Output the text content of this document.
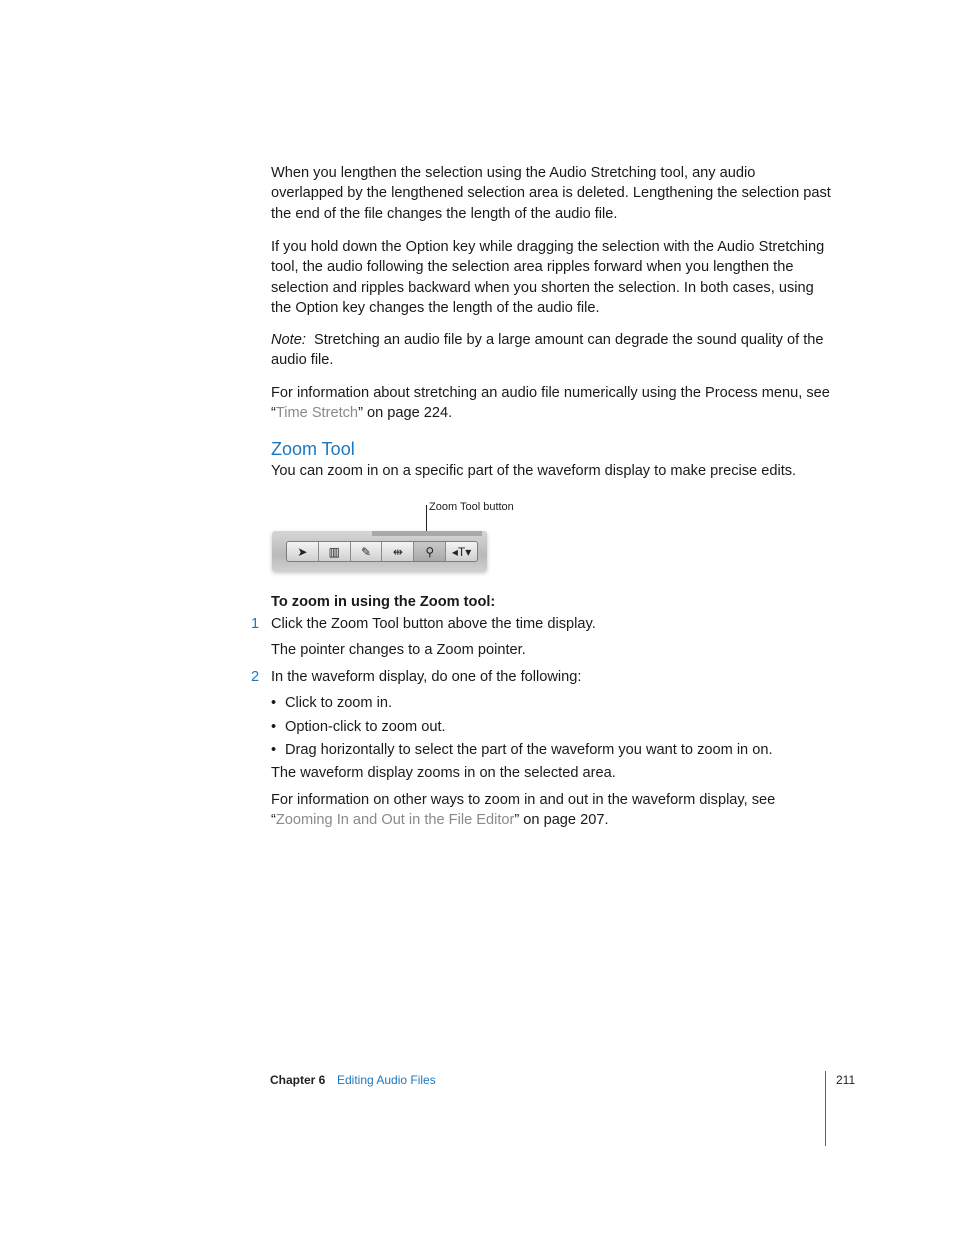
When you lengthen the selection using the Audio Stretching tool, any audio overlapped by the lengthened selection area is deleted. Lengthening the selection past the end of the file changes the length of the audio file.

If you hold down the Option key while dragging the selection with the Audio Stretching tool, the audio following the selection area ripples forward when you lengthen the selection and ripples backward when you shorten the selection. In both cases, using the Option key changes the length of the audio file.

Note: Stretching an audio file by a large amount can degrade the sound quality of the audio file.

For information about stretching an audio file numerically using the Process menu, see “Time Stretch” on page 224.

Zoom Tool

You can zoom in on a specific part of the waveform display to make precise edits.

Zoom Tool button
➤	▥	✎	⇹	⚲	◂T▾
To zoom in using the Zoom tool:
1 Click the Zoom Tool button above the time display.
The pointer changes to a Zoom pointer.
2 In the waveform display, do one of the following:
• Click to zoom in.
• Option-click to zoom out.
• Drag horizontally to select the part of the waveform you want to zoom in on.
The waveform display zooms in on the selected area.

For information on other ways to zoom in and out in the waveform display, see “Zooming In and Out in the File Editor” on page 207.

Chapter 6 Editing Audio Files	211
